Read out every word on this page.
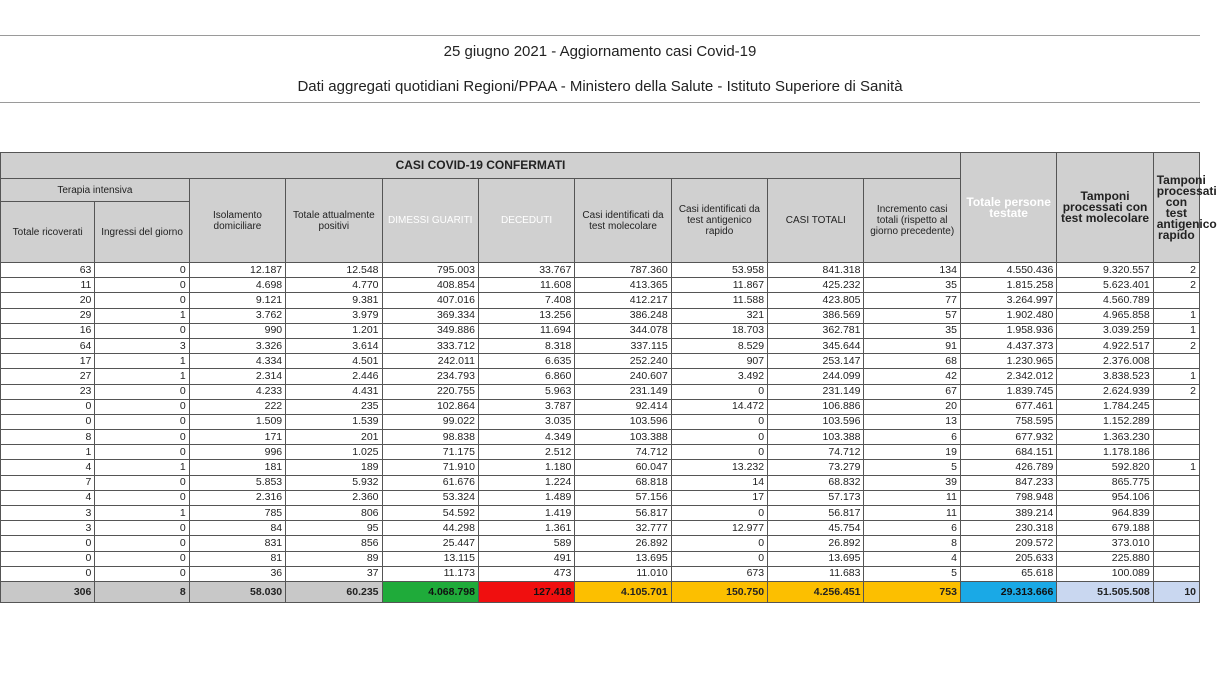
25 giugno 2021 - Aggiornamento casi Covid-19
Dati aggregati quotidiani Regioni/PPAA - Ministero della Salute - Istituto Superiore di Sanità
CASI COVID-19 CONFERMATI										Totale persone testate	Tamponi processati con test molecolare	Tamponi processati con test antigenico rapido
Terapia intensiva		Isolamento domiciliare	Totale attualmente positivi	DIMESSI GUARITI	DECEDUTI	Casi identificati da test molecolare	Casi identificati da test antigenico rapido	CASI TOTALI	Incremento casi totali (rispetto al giorno precedente)			
Totale ricoverati	Ingressi del giorno											
63	0	12.187	12.548	795.003	33.767	787.360	53.958	841.318	134	4.550.436	9.320.557	2
11	0	4.698	4.770	408.854	11.608	413.365	11.867	425.232	35	1.815.258	5.623.401	2
20	0	9.121	9.381	407.016	7.408	412.217	11.588	423.805	77	3.264.997	4.560.789	
29	1	3.762	3.979	369.334	13.256	386.248	321	386.569	57	1.902.480	4.965.858	1
16	0	990	1.201	349.886	11.694	344.078	18.703	362.781	35	1.958.936	3.039.259	1
64	3	3.326	3.614	333.712	8.318	337.115	8.529	345.644	91	4.437.373	4.922.517	2
17	1	4.334	4.501	242.011	6.635	252.240	907	253.147	68	1.230.965	2.376.008	
27	1	2.314	2.446	234.793	6.860	240.607	3.492	244.099	42	2.342.012	3.838.523	1
23	0	4.233	4.431	220.755	5.963	231.149	0	231.149	67	1.839.745	2.624.939	2
0	0	222	235	102.864	3.787	92.414	14.472	106.886	20	677.461	1.784.245	
0	0	1.509	1.539	99.022	3.035	103.596	0	103.596	13	758.595	1.152.289	
8	0	171	201	98.838	4.349	103.388	0	103.388	6	677.932	1.363.230	
1	0	996	1.025	71.175	2.512	74.712	0	74.712	19	684.151	1.178.186	
4	1	181	189	71.910	1.180	60.047	13.232	73.279	5	426.789	592.820	1
7	0	5.853	5.932	61.676	1.224	68.818	14	68.832	39	847.233	865.775	
4	0	2.316	2.360	53.324	1.489	57.156	17	57.173	11	798.948	954.106	
3	1	785	806	54.592	1.419	56.817	0	56.817	11	389.214	964.839	
3	0	84	95	44.298	1.361	32.777	12.977	45.754	6	230.318	679.188	
0	0	831	856	25.447	589	26.892	0	26.892	8	209.572	373.010	
0	0	81	89	13.115	491	13.695	0	13.695	4	205.633	225.880	
0	0	36	37	11.173	473	11.010	673	11.683	5	65.618	100.089	
306	8	58.030	60.235	4.068.798	127.418	4.105.701	150.750	4.256.451	753	29.313.666	51.505.508	10
